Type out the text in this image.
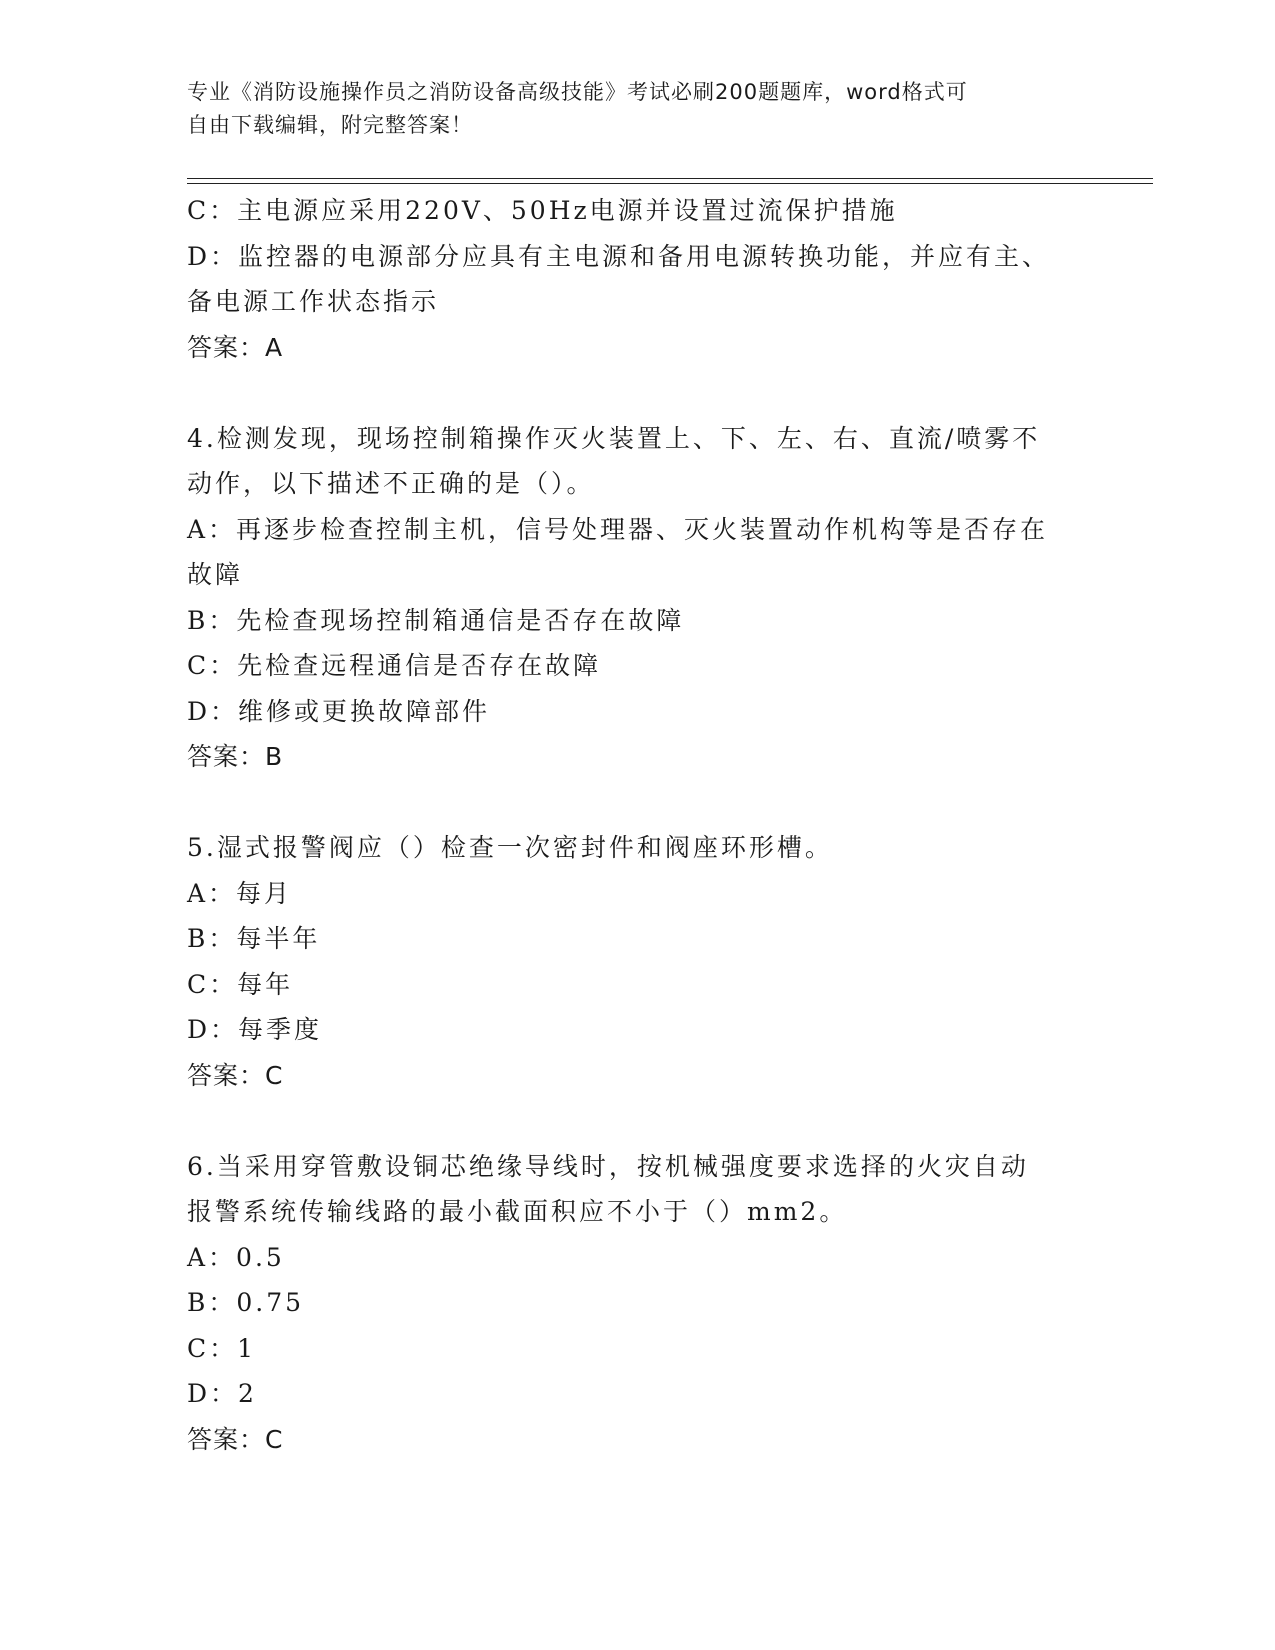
专业《消防设施操作员之消防设备高级技能》考试必刷200题题库，word格式可
自由下载编辑，附完整答案！
C：主电源应采用220V、50Hz电源并设置过流保护措施
D：监控器的电源部分应具有主电源和备用电源转换功能，并应有主、
备电源工作状态指示
答案：A
4.检测发现，现场控制箱操作灭火装置上、下、左、右、直流/喷雾不
动作，以下描述不正确的是（）。
A：再逐步检查控制主机，信号处理器、灭火装置动作机构等是否存在
故障
B：先检查现场控制箱通信是否存在故障
C：先检查远程通信是否存在故障
D：维修或更换故障部件
答案：B
5.湿式报警阀应（）检查一次密封件和阀座环形槽。
A：每月
B：每半年
C：每年
D：每季度
答案：C
6.当采用穿管敷设铜芯绝缘导线时，按机械强度要求选择的火灾自动
报警系统传输线路的最小截面积应不小于（）mm2。
A：0.5
B：0.75
C：1
D：2
答案：C
